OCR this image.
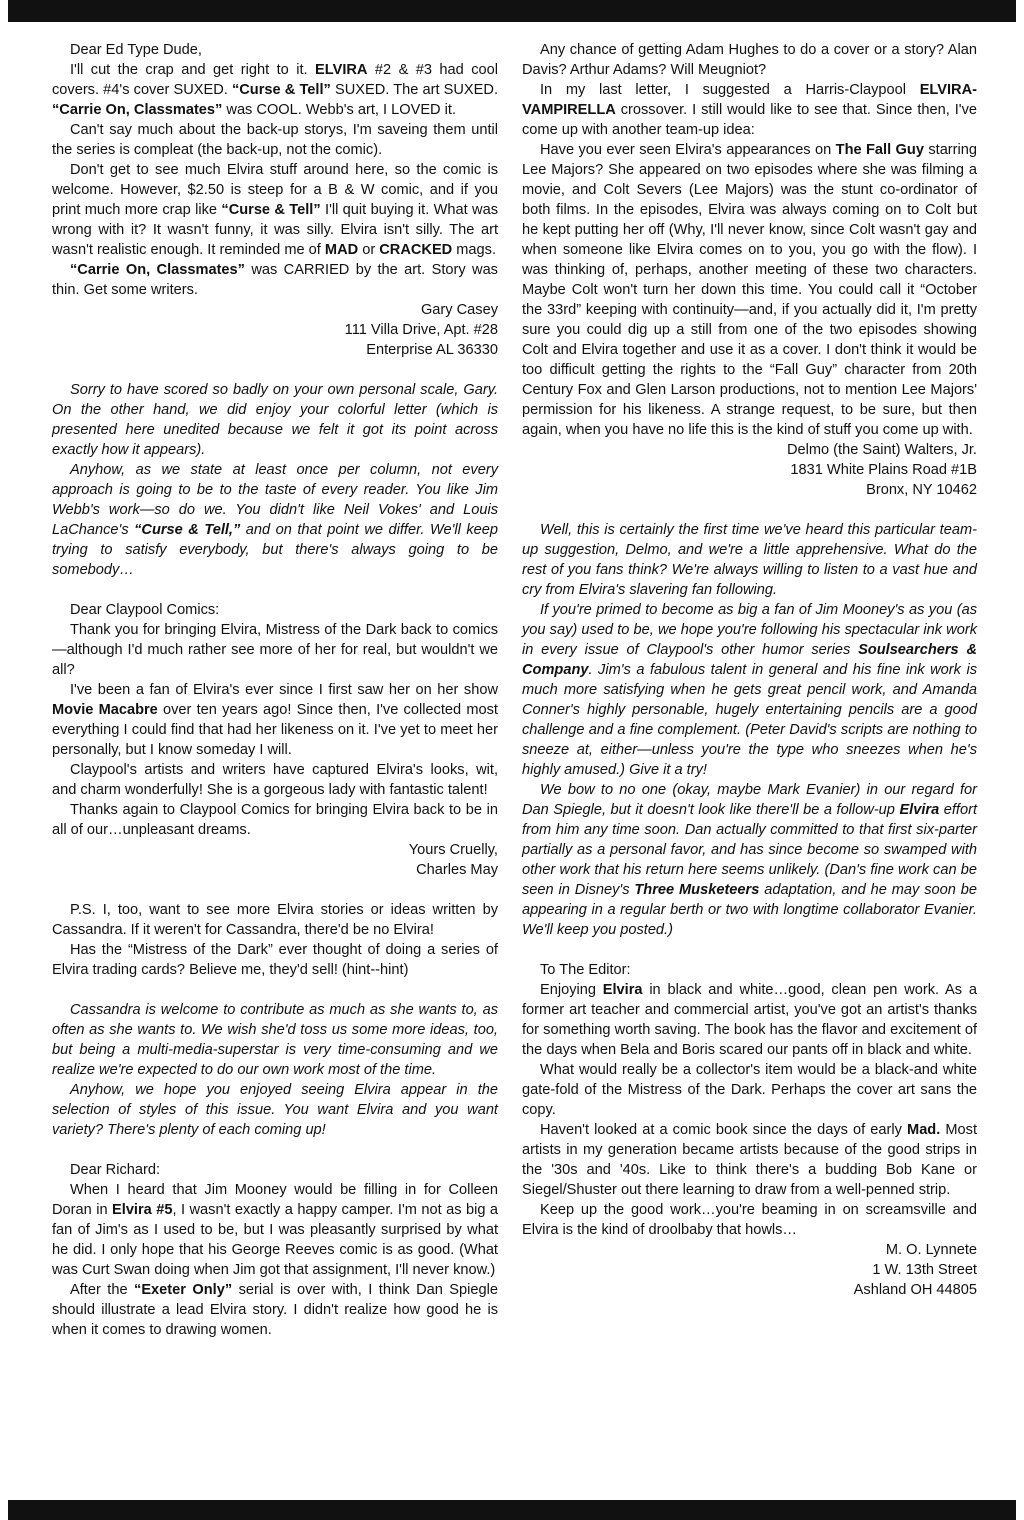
Dear Ed Type Dude,

I'll cut the crap and get right to it. ELVIRA #2 & #3 had cool covers. #4's cover SUXED. “Curse & Tell” SUXED. The art SUXED. “Carrie On, Classmates” was COOL. Webb's art, I LOVED it.

Can't say much about the back-up storys, I'm saveing them until the series is compleat (the back-up, not the comic).

Don't get to see much Elvira stuff around here, so the comic is welcome. However, $2.50 is steep for a B & W comic, and if you print much more crap like “Curse & Tell” I'll quit buying it. What was wrong with it? It wasn't funny, it was silly. Elvira isn't silly. The art wasn't realistic enough. It reminded me of MAD or CRACKED mags.

“Carrie On, Classmates” was CARRIED by the art. Story was thin. Get some writers.

Gary Casey

111 Villa Drive, Apt. #28

Enterprise AL 36330

Sorry to have scored so badly on your own personal scale, Gary. On the other hand, we did enjoy your colorful letter (which is presented here unedited because we felt it got its point across exactly how it appears).

Anyhow, as we state at least once per column, not every approach is going to be to the taste of every reader. You like Jim Webb's work—so do we. You didn't like Neil Vokes' and Louis LaChance's “Curse & Tell,” and on that point we differ. We'll keep trying to satisfy everybody, but there's always going to be somebody…

Dear Claypool Comics:

Thank you for bringing Elvira, Mistress of the Dark back to comics—although I'd much rather see more of her for real, but wouldn't we all?

I've been a fan of Elvira's ever since I first saw her on her show Movie Macabre over ten years ago! Since then, I've collected most everything I could find that had her likeness on it. I've yet to meet her personally, but I know someday I will.

Claypool's artists and writers have captured Elvira's looks, wit, and charm wonderfully! She is a gorgeous lady with fantastic talent!

Thanks again to Claypool Comics for bringing Elvira back to be in all of our…unpleasant dreams.

Yours Cruelly,

Charles May

P.S. I, too, want to see more Elvira stories or ideas written by Cassandra. If it weren't for Cassandra, there'd be no Elvira!

Has the “Mistress of the Dark” ever thought of doing a series of Elvira trading cards? Believe me, they'd sell! (hint--hint)

Cassandra is welcome to contribute as much as she wants to, as often as she wants to. We wish she'd toss us some more ideas, too, but being a multi-media-superstar is very time-consuming and we realize we're expected to do our own work most of the time.

Anyhow, we hope you enjoyed seeing Elvira appear in the selection of styles of this issue. You want Elvira and you want variety? There's plenty of each coming up!

Dear Richard:

When I heard that Jim Mooney would be filling in for Colleen Doran in Elvira #5, I wasn't exactly a happy camper. I'm not as big a fan of Jim's as I used to be, but I was pleasantly surprised by what he did. I only hope that his George Reeves comic is as good. (What was Curt Swan doing when Jim got that assignment, I'll never know.)

After the “Exeter Only” serial is over with, I think Dan Spiegle should illustrate a lead Elvira story. I didn't realize how good he is when it comes to drawing women.

Any chance of getting Adam Hughes to do a cover or a story? Alan Davis? Arthur Adams? Will Meugniot?

In my last letter, I suggested a Harris-Claypool ELVIRA-VAMPIRELLA crossover. I still would like to see that. Since then, I've come up with another team-up idea:

Have you ever seen Elvira's appearances on The Fall Guy starring Lee Majors? She appeared on two episodes where she was filming a movie, and Colt Severs (Lee Majors) was the stunt co-ordinator of both films. In the episodes, Elvira was always coming on to Colt but he kept putting her off (Why, I'll never know, since Colt wasn't gay and when someone like Elvira comes on to you, you go with the flow). I was thinking of, perhaps, another meeting of these two characters. Maybe Colt won't turn her down this time. You could call it “October the 33rd” keeping with continuity—and, if you actually did it, I'm pretty sure you could dig up a still from one of the two episodes showing Colt and Elvira together and use it as a cover. I don't think it would be too difficult getting the rights to the “Fall Guy” character from 20th Century Fox and Glen Larson productions, not to mention Lee Majors' permission for his likeness. A strange request, to be sure, but then again, when you have no life this is the kind of stuff you come up with.

Delmo (the Saint) Walters, Jr.

1831 White Plains Road #1B

Bronx, NY 10462

Well, this is certainly the first time we've heard this particular team-up suggestion, Delmo, and we're a little apprehensive. What do the rest of you fans think? We're always willing to listen to a vast hue and cry from Elvira's slavering fan following.

If you're primed to become as big a fan of Jim Mooney's as you (as you say) used to be, we hope you're following his spectacular ink work in every issue of Claypool's other humor series Soulsearchers & Company. Jim's a fabulous talent in general and his fine ink work is much more satisfying when he gets great pencil work, and Amanda Conner's highly personable, hugely entertaining pencils are a good challenge and a fine complement. (Peter David's scripts are nothing to sneeze at, either—unless you're the type who sneezes when he's highly amused.) Give it a try!

We bow to no one (okay, maybe Mark Evanier) in our regard for Dan Spiegle, but it doesn't look like there'll be a follow-up Elvira effort from him any time soon. Dan actually committed to that first six-parter partially as a personal favor, and has since become so swamped with other work that his return here seems unlikely. (Dan's fine work can be seen in Disney's Three Musketeers adaptation, and he may soon be appearing in a regular berth or two with longtime collaborator Evanier. We'll keep you posted.)

To The Editor:

Enjoying Elvira in black and white…good, clean pen work. As a former art teacher and commercial artist, you've got an artist's thanks for something worth saving. The book has the flavor and excitement of the days when Bela and Boris scared our pants off in black and white.

What would really be a collector's item would be a black-and white gate-fold of the Mistress of the Dark. Perhaps the cover art sans the copy.

Haven't looked at a comic book since the days of early Mad. Most artists in my generation became artists because of the good strips in the '30s and '40s. Like to think there's a budding Bob Kane or Siegel/Shuster out there learning to draw from a well-penned strip.

Keep up the good work…you're beaming in on screamsville and Elvira is the kind of droolbaby that howls…

M. O. Lynnete

1 W. 13th Street

Ashland OH 44805
